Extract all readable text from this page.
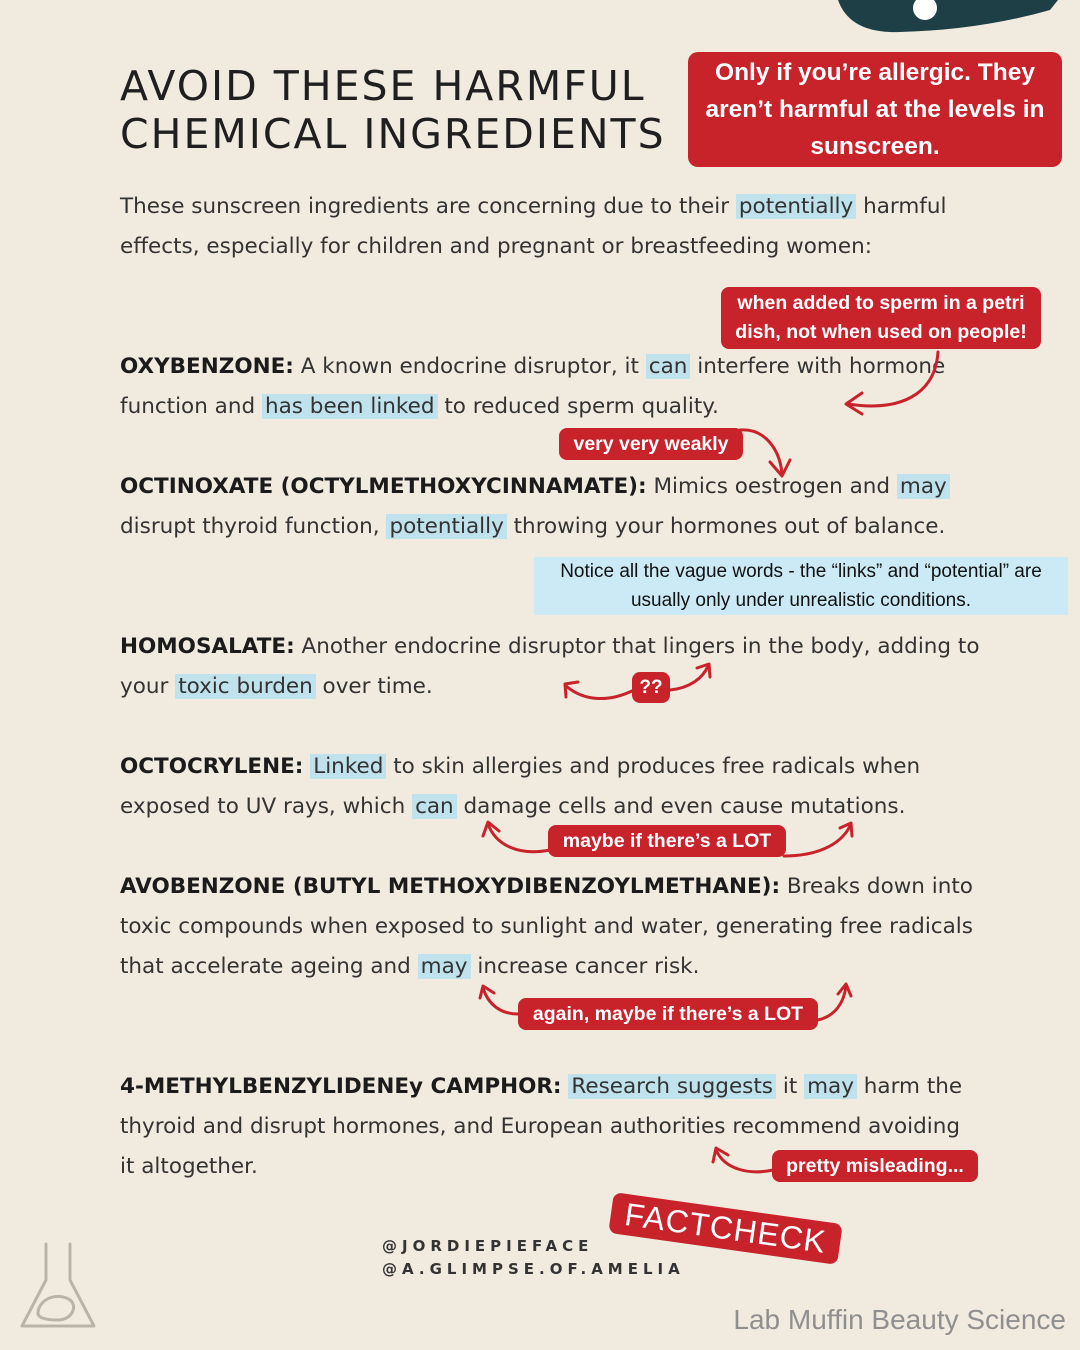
AVOID THESE HARMFUL
CHEMICAL INGREDIENTS
These sunscreen ingredients are concerning due to their potentially harmful effects, especially for children and pregnant or breastfeeding women:
OXYBENZONE: A known endocrine disruptor, it can interfere with hormone function and has been linked to reduced sperm quality.
OCTINOXATE (OCTYLMETHOXYCINNAMATE): Mimics oestrogen and may disrupt thyroid function, potentially throwing your hormones out of balance.
HOMOSALATE: Another endocrine disruptor that lingers in the body, adding to your toxic burden over time.
OCTOCRYLENE: Linked to skin allergies and produces free radicals when exposed to UV rays, which can damage cells and even cause mutations.
AVOBENZONE (BUTYL METHOXYDIBENZOYLMETHANE): Breaks down into toxic compounds when exposed to sunlight and water, generating free radicals that accelerate ageing and may increase cancer risk.
4-METHYLBENZYLIDENEy CAMPHOR: Research suggests it may harm the thyroid and disrupt hormones, and European authorities recommend avoiding it altogether.
Only if you’re allergic. They aren’t harmful at the levels in sunscreen.
when added to sperm in a petri dish, not when used on people!
very very weakly
Notice all the vague words - the “links” and “potential” are usually only under unrealistic conditions.
??
maybe if there’s a LOT
again, maybe if there’s a LOT
pretty misleading...
@JORDIEPIEFACE
@A.GLIMPSE.OF.AMELIA
FACTCHECK
Lab Muffin Beauty Science
